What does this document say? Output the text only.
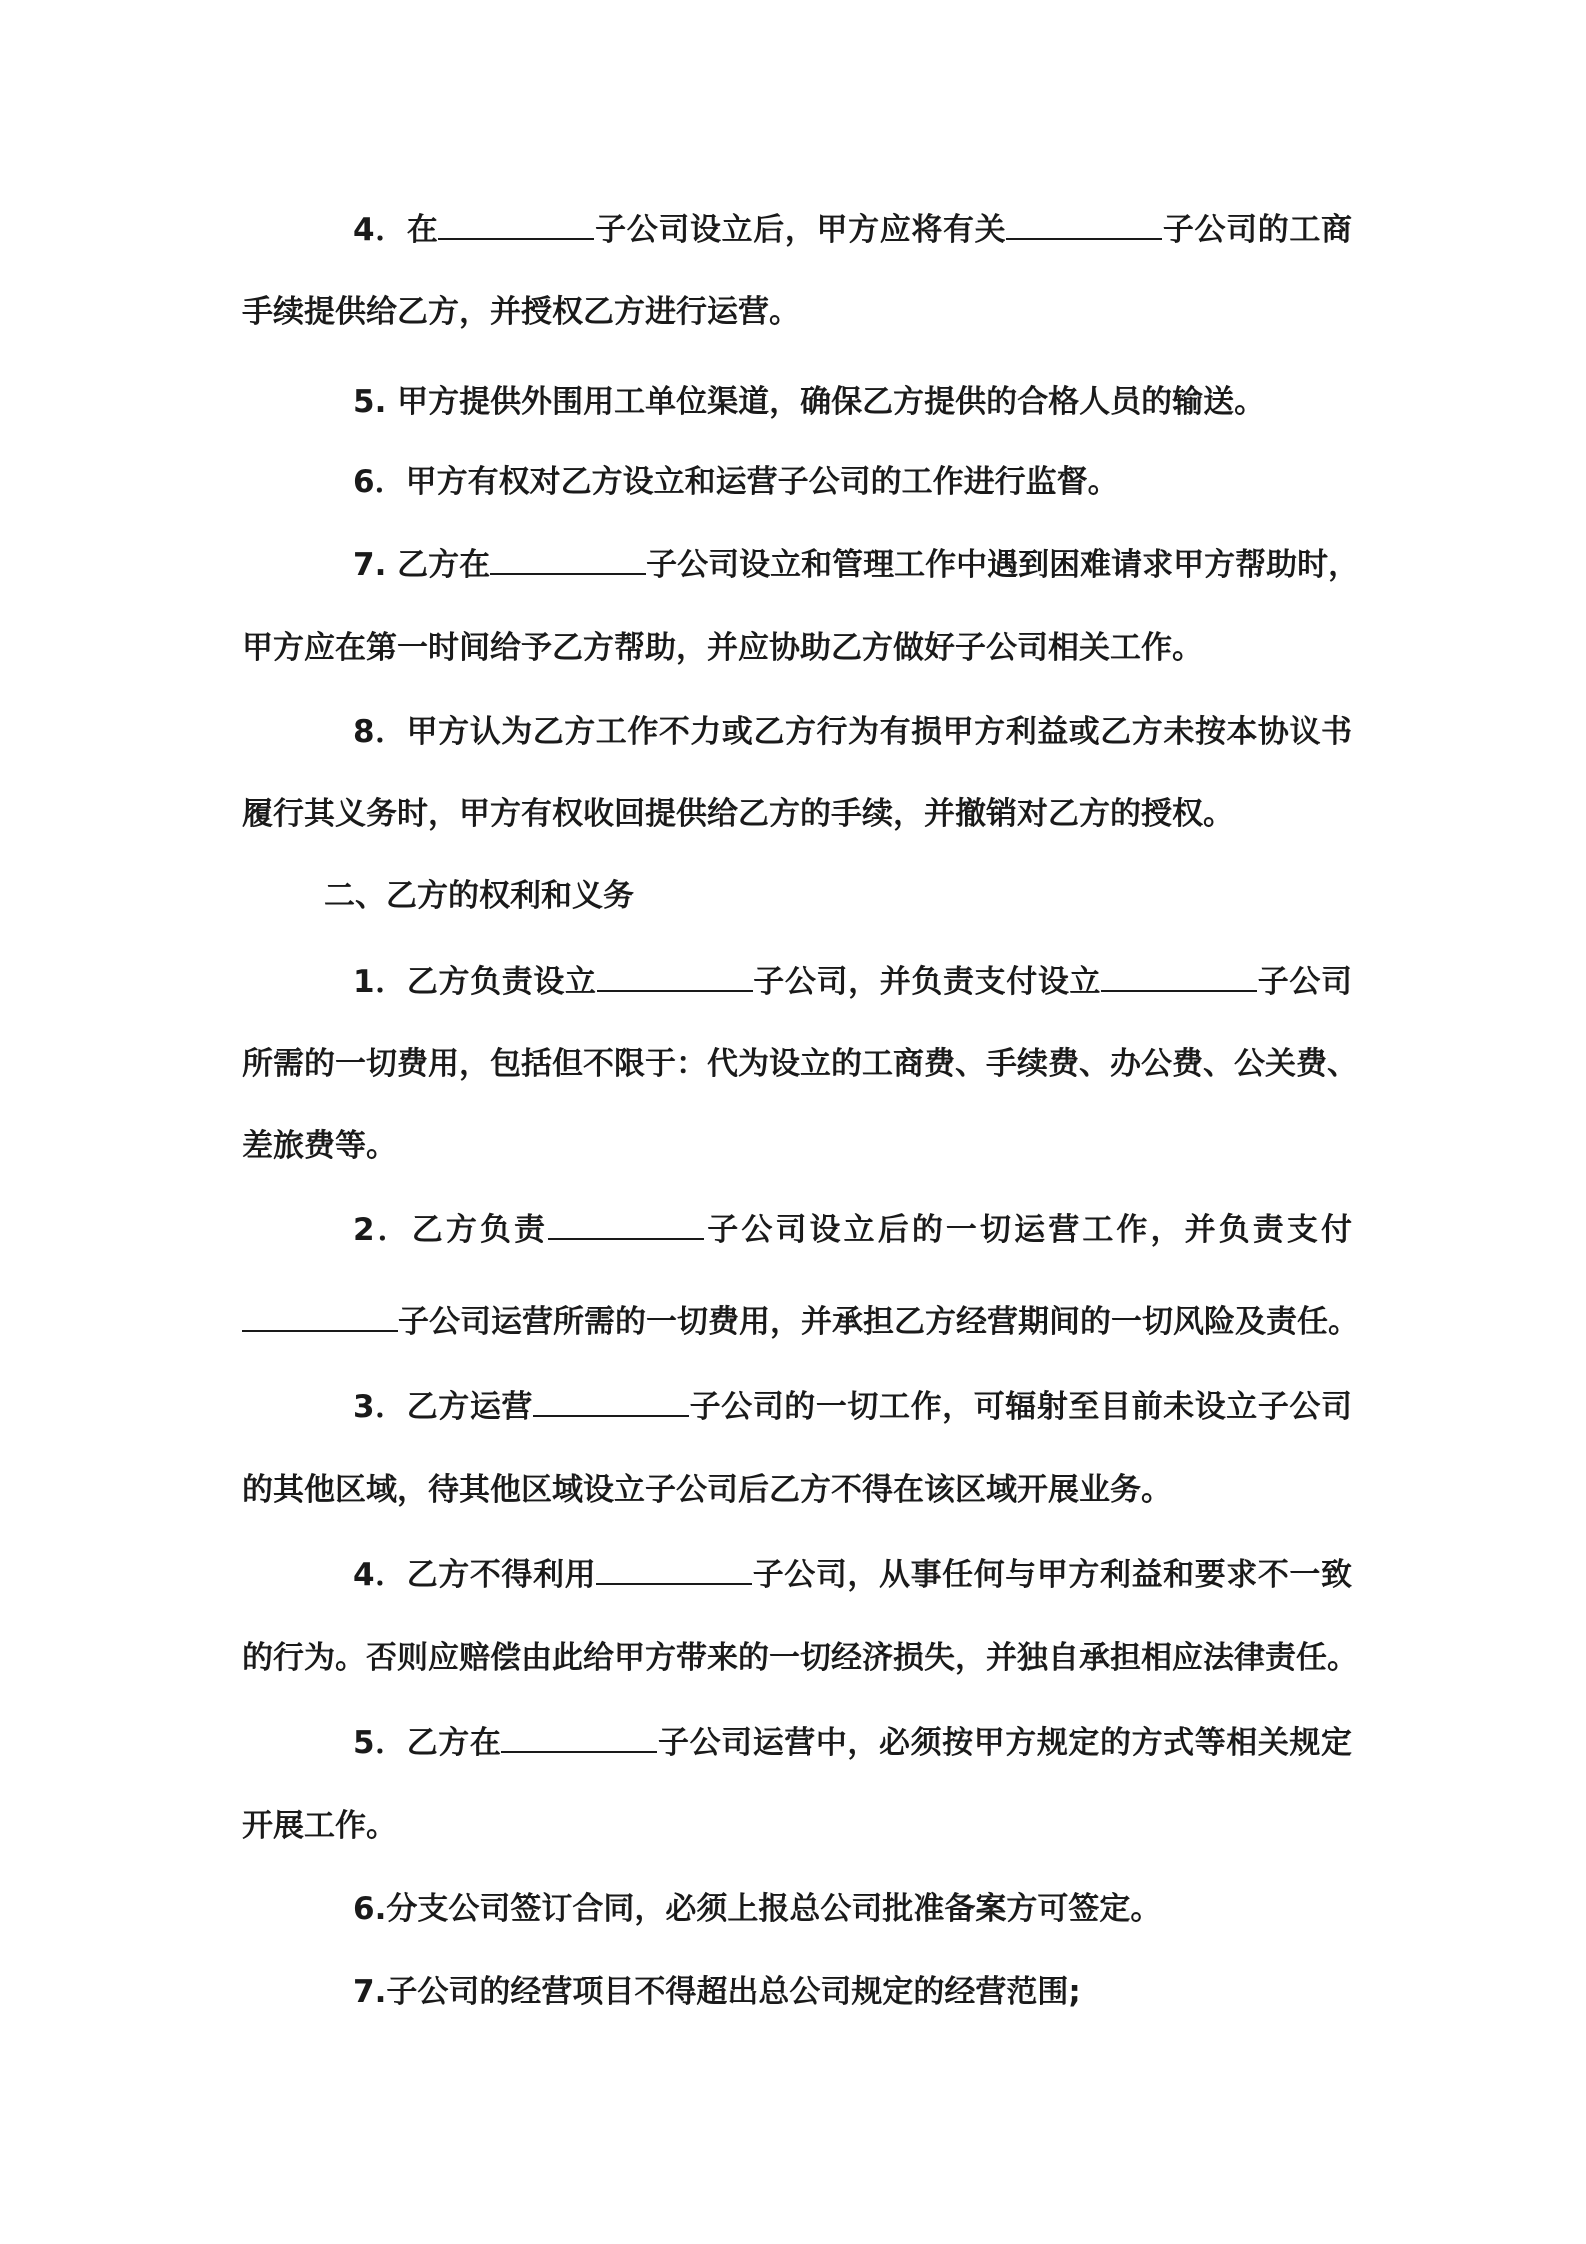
4．在	子公司设立后，甲方应将有关	子公司的工商
手续提供给乙方，并授权乙方进行运营。
5. 甲方提供外围用工单位渠道，确保乙方提供的合格人员的输送。
6．甲方有权对乙方设立和运营子公司的工作进行监督。
7. 乙方在	子公司设立和管理工作中遇到困难请求甲方帮助时，
甲方应在第一时间给予乙方帮助，并应协助乙方做好子公司相关工作。
8．甲方认为乙方工作不力或乙方行为有损甲方利益或乙方未按本协议书
履行其义务时，甲方有权收回提供给乙方的手续，并撤销对乙方的授权。
二、乙方的权利和义务
1．乙方负责设立	子公司，并负责支付设立	子公司
所需的一切费用，包括但不限于：代为设立的工商费、手续费、办公费、公关费、
差旅费等。
2．乙方负责	子公司设立后的一切运营工作，并负责支付
子公司运营所需的一切费用，并承担乙方经营期间的一切风险及责任。
3．乙方运营	子公司的一切工作，可辐射至目前未设立子公司
的其他区域，待其他区域设立子公司后乙方不得在该区域开展业务。
4．乙方不得利用	子公司，从事任何与甲方利益和要求不一致
的行为。否则应赔偿由此给甲方带来的一切经济损失，并独自承担相应法律责任。
5．乙方在	子公司运营中，必须按甲方规定的方式等相关规定
开展工作。
6.分支公司签订合同，必须上报总公司批准备案方可签定。
7.子公司的经营项目不得超出总公司规定的经营范围;
